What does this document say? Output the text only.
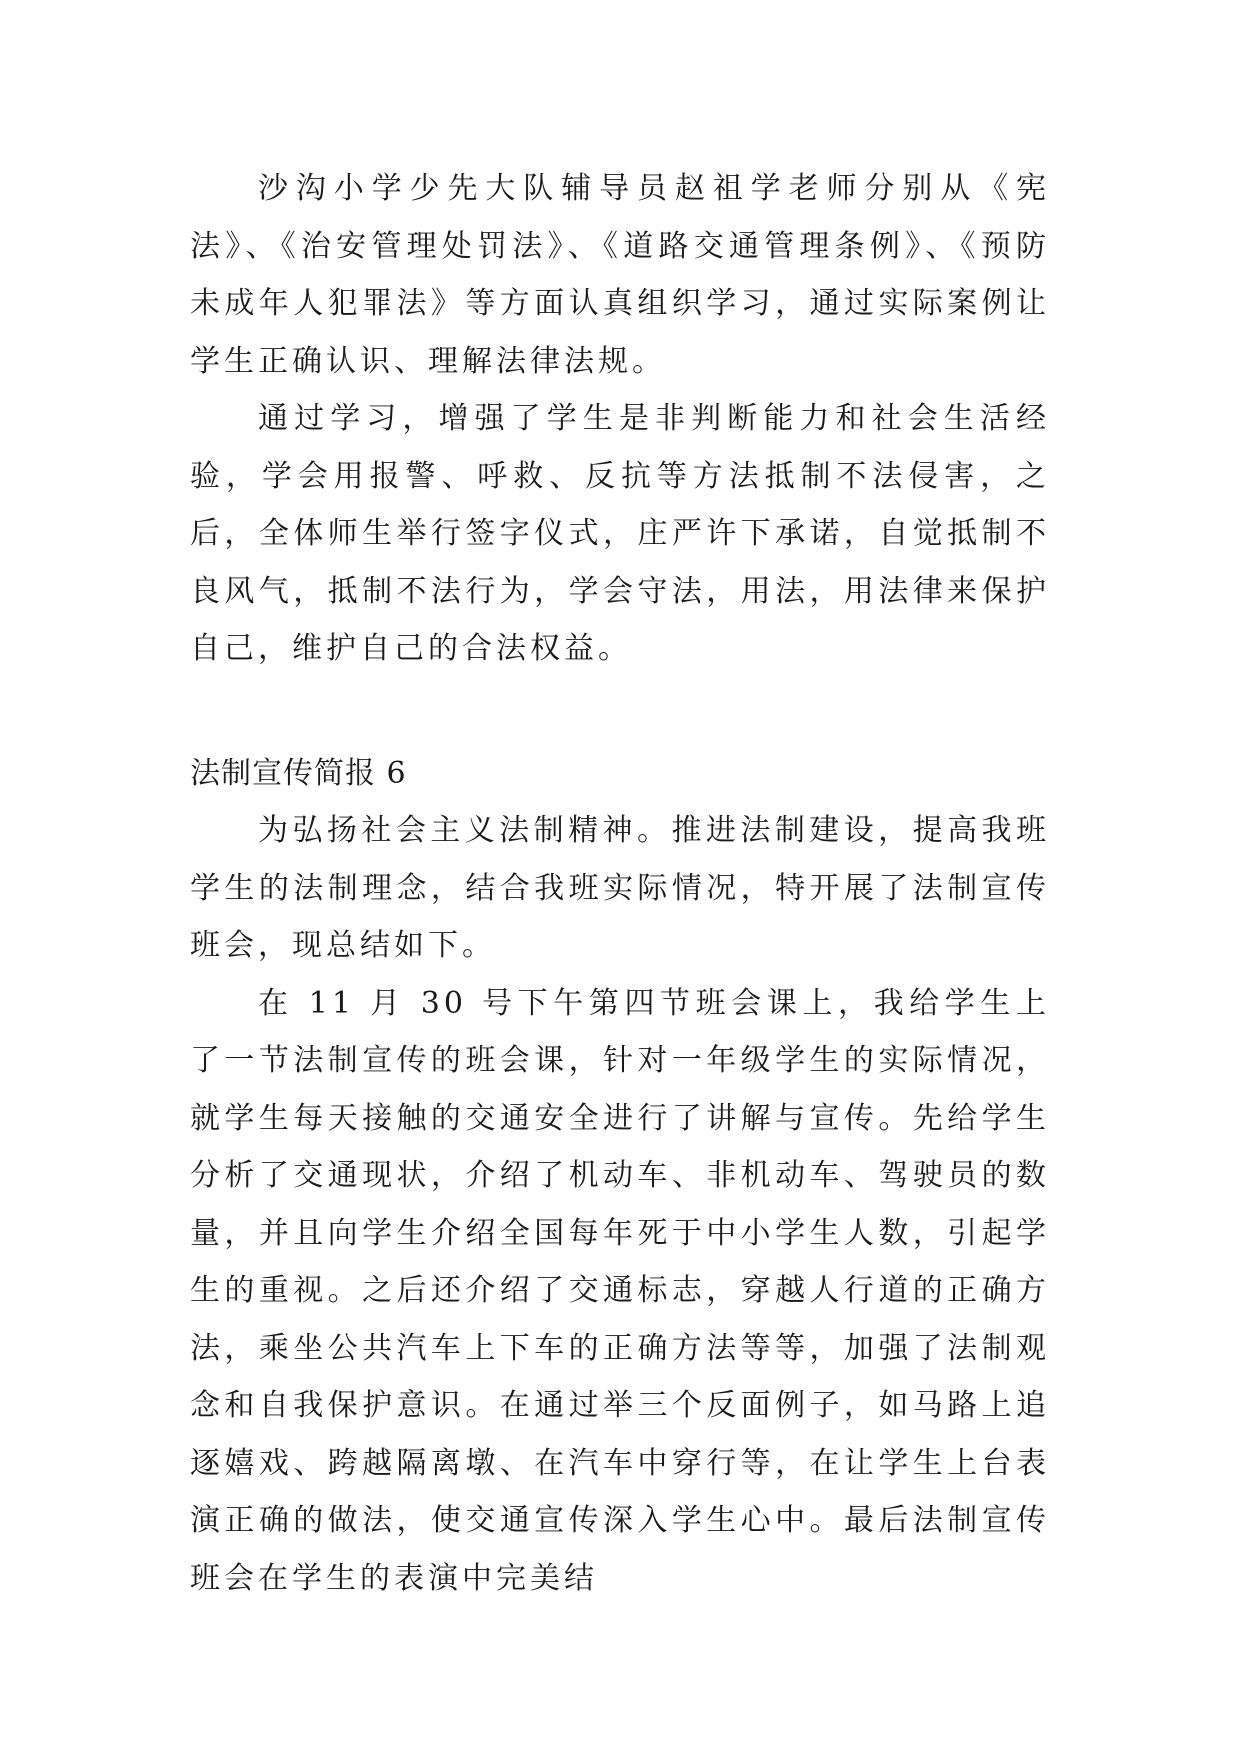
沙沟小学少先大队辅导员赵祖学老师分别从《宪法》、《治安管理处罚法》、《道路交通管理条例》、《预防未成年人犯罪法》等方面认真组织学习，通过实际案例让学生正确认识、理解法律法规。

通过学习，增强了学生是非判断能力和社会生活经验，学会用报警、呼救、反抗等方法抵制不法侵害，之后，全体师生举行签字仪式，庄严许下承诺，自觉抵制不良风气，抵制不法行为，学会守法，用法，用法律来保护自己，维护自己的合法权益。

法制宣传简报 6

为弘扬社会主义法制精神。推进法制建设，提高我班学生的法制理念，结合我班实际情况，特开展了法制宣传班会，现总结如下。

在 11 月 30 号下午第四节班会课上，我给学生上了一节法制宣传的班会课，针对一年级学生的实际情况，就学生每天接触的交通安全进行了讲解与宣传。先给学生分析了交通现状，介绍了机动车、非机动车、驾驶员的数量，并且向学生介绍全国每年死于中小学生人数，引起学生的重视。之后还介绍了交通标志，穿越人行道的正确方法，乘坐公共汽车上下车的正确方法等等，加强了法制观念和自我保护意识。在通过举三个反面例子，如马路上追逐嬉戏、跨越隔离墩、在汽车中穿行等，在让学生上台表演正确的做法，使交通宣传深入学生心中。最后法制宣传班会在学生的表演中完美结
